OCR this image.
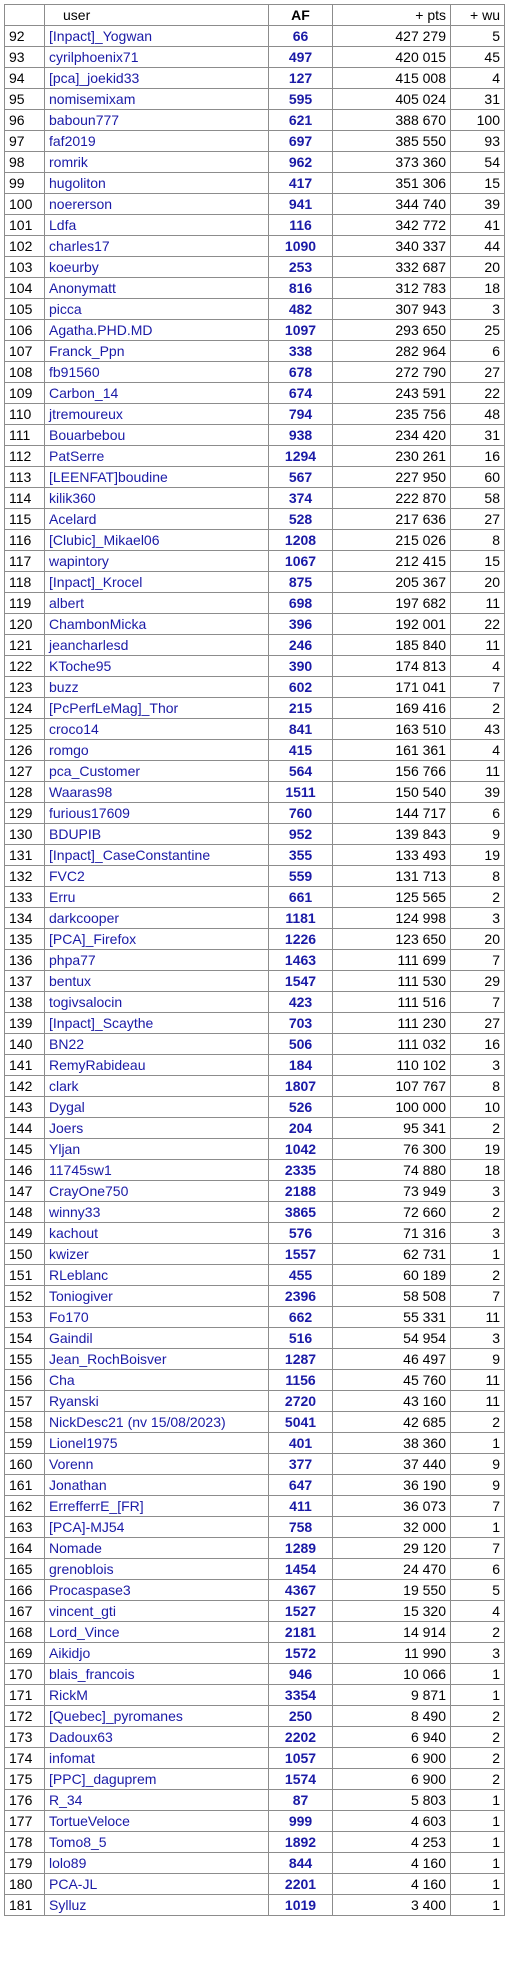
	user	AF	+ pts	+ wu
92	[Inpact]_Yogwan	66	427 279	5
93	cyrilphoenix71	497	420 015	45
94	[pca]_joekid33	127	415 008	4
95	nomisemixam	595	405 024	31
96	baboun777	621	388 670	100
97	faf2019	697	385 550	93
98	romrik	962	373 360	54
99	hugoliton	417	351 306	15
100	noererson	941	344 740	39
101	Ldfa	116	342 772	41
102	charles17	1090	340 337	44
103	koeurby	253	332 687	20
104	Anonymatt	816	312 783	18
105	picca	482	307 943	3
106	Agatha.PHD.MD	1097	293 650	25
107	Franck_Ppn	338	282 964	6
108	fb91560	678	272 790	27
109	Carbon_14	674	243 591	22
110	jtremoureux	794	235 756	48
111	Bouarbebou	938	234 420	31
112	PatSerre	1294	230 261	16
113	[LEENFAT]boudine	567	227 950	60
114	kilik360	374	222 870	58
115	Acelard	528	217 636	27
116	[Clubic]_Mikael06	1208	215 026	8
117	wapintory	1067	212 415	15
118	[Inpact]_Krocel	875	205 367	20
119	albert	698	197 682	11
120	ChambonMicka	396	192 001	22
121	jeancharlesd	246	185 840	11
122	KToche95	390	174 813	4
123	buzz	602	171 041	7
124	[PcPerfLeMag]_Thor	215	169 416	2
125	croco14	841	163 510	43
126	romgo	415	161 361	4
127	pca_Customer	564	156 766	11
128	Waaras98	1511	150 540	39
129	furious17609	760	144 717	6
130	BDUPIB	952	139 843	9
131	[Inpact]_CaseConstantine	355	133 493	19
132	FVC2	559	131 713	8
133	Erru	661	125 565	2
134	darkcooper	1181	124 998	3
135	[PCA]_Firefox	1226	123 650	20
136	phpa77	1463	111 699	7
137	bentux	1547	111 530	29
138	togivsalocin	423	111 516	7
139	[Inpact]_Scaythe	703	111 230	27
140	BN22	506	111 032	16
141	RemyRabideau	184	110 102	3
142	clark	1807	107 767	8
143	Dygal	526	100 000	10
144	Joers	204	95 341	2
145	Yljan	1042	76 300	19
146	11745sw1	2335	74 880	18
147	CrayOne750	2188	73 949	3
148	winny33	3865	72 660	2
149	kachout	576	71 316	3
150	kwizer	1557	62 731	1
151	RLeblanc	455	60 189	2
152	Toniogiver	2396	58 508	7
153	Fo170	662	55 331	11
154	Gaindil	516	54 954	3
155	Jean_RochBoisver	1287	46 497	9
156	Cha	1156	45 760	11
157	Ryanski	2720	43 160	11
158	NickDesc21 (nv 15/08/2023)	5041	42 685	2
159	Lionel1975	401	38 360	1
160	Vorenn	377	37 440	9
161	Jonathan	647	36 190	9
162	ErrefferrE_[FR]	411	36 073	7
163	[PCA]-MJ54	758	32 000	1
164	Nomade	1289	29 120	7
165	grenoblois	1454	24 470	6
166	Procaspase3	4367	19 550	5
167	vincent_gti	1527	15 320	4
168	Lord_Vince	2181	14 914	2
169	Aikidjo	1572	11 990	3
170	blais_francois	946	10 066	1
171	RickM	3354	9 871	1
172	[Quebec]_pyromanes	250	8 490	2
173	Dadoux63	2202	6 940	2
174	infomat	1057	6 900	2
175	[PPC]_daguprem	1574	6 900	2
176	R_34	87	5 803	1
177	TortueVeloce	999	4 603	1
178	Tomo8_5	1892	4 253	1
179	lolo89	844	4 160	1
180	PCA-JL	2201	4 160	1
181	Sylluz	1019	3 400	1
